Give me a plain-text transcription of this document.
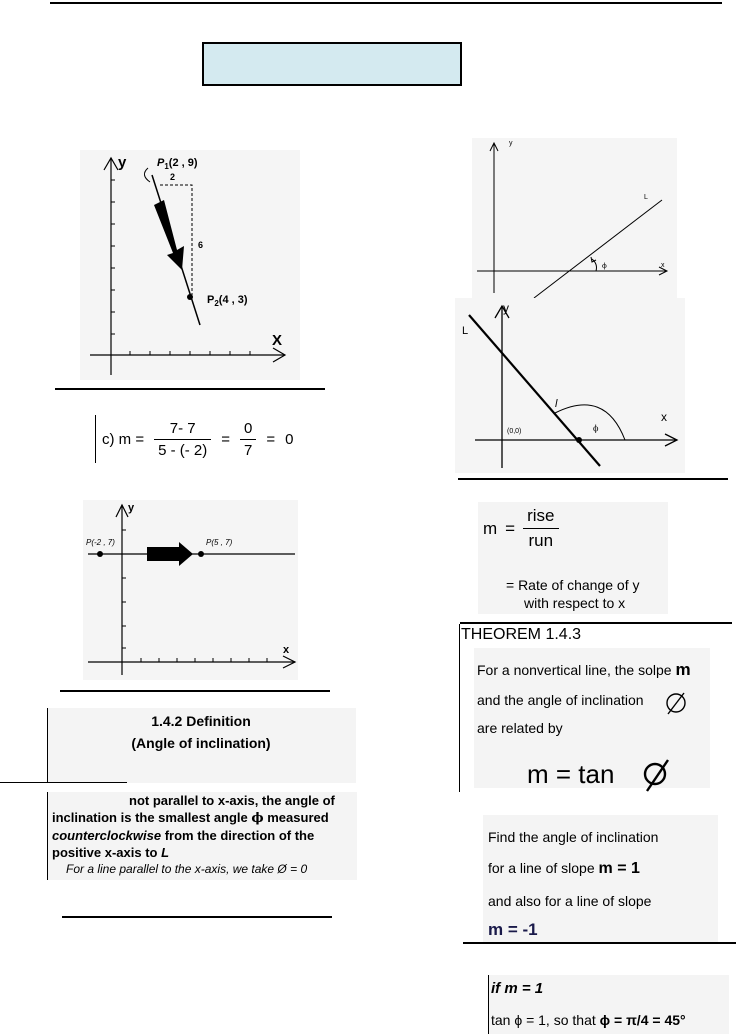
y
X
$P_1(2$ , 9)
2
6
$P_2(4$ , 3)
c) $m = \frac{7- 7}{5 - (- 2)} = \frac{0}{7} = 0$
y
x
P(-2 , 7)	P(5 , 7)
1.4.2 Definition
(Angle of inclination)
not parallel to x-axis, the angle of
inclination is the smallest angle ϕ measured
counterclockwise from the direction of the
positive x-axis to L
For a line parallel to the x-axis, we take Ø = 0
ϕ
y
x
L
ϕ
y
x
L
(0,0)
l
$m = \frac{\text{rise}}{\text{run}}$
= Rate of change of y
with respect to x
THEOREM 1.4.3
For a nonvertical line, the solpe m
and the angle of inclination
are related by
m = tan
Find the angle of inclination
for a line of slope m = 1
and also for a line of slope
m = -1
if m = 1
tan ϕ = 1, so that ϕ = π/4 = 45°
